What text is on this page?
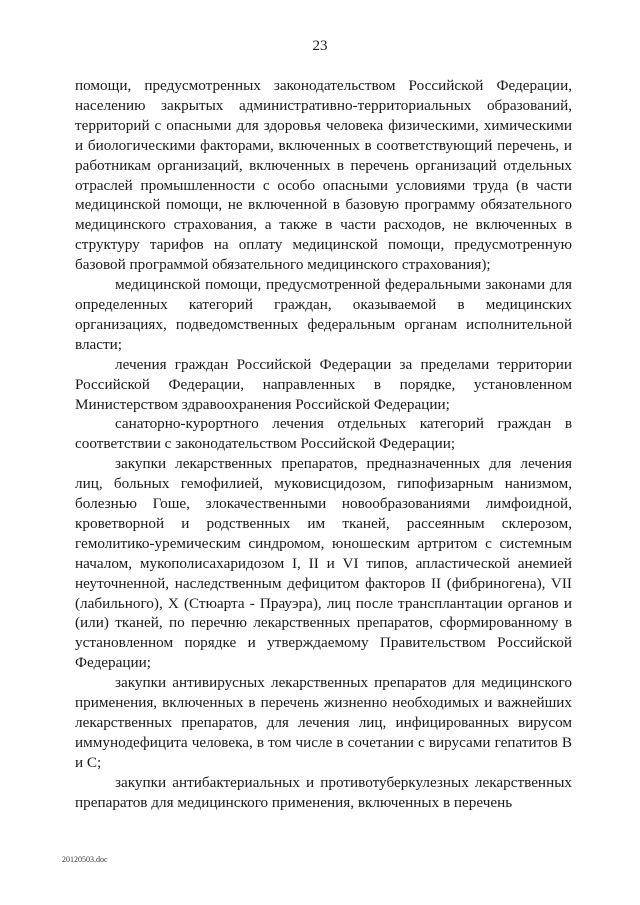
23

помощи, предусмотренных законодательством Российской Федерации, населению закрытых административно-территориальных образований, территорий с опасными для здоровья человека физическими, химическими и биологическими факторами, включенных в соответствующий перечень, и работникам организаций, включенных в перечень организаций отдельных отраслей промышленности с особо опасными условиями труда (в части медицинской помощи, не включенной в базовую программу обязательного медицинского страхования, а также в части расходов, не включенных в структуру тарифов на оплату медицинской помощи, предусмотренную базовой программой обязательного медицинского страхования);

медицинской помощи, предусмотренной федеральными законами для определенных категорий граждан, оказываемой в медицинских организациях, подведомственных федеральным органам исполнительной власти;

лечения граждан Российской Федерации за пределами территории Российской Федерации, направленных в порядке, установленном Министерством здравоохранения Российской Федерации;

санаторно-курортного лечения отдельных категорий граждан в соответствии с законодательством Российской Федерации;

закупки лекарственных препаратов, предназначенных для лечения лиц, больных гемофилией, муковисцидозом, гипофизарным нанизмом, болезнью Гоше, злокачественными новообразованиями лимфоидной, кроветворной и родственных им тканей, рассеянным склерозом, гемолитико-уремическим синдромом, юношеским артритом с системным началом, мукополисахаридозом I, II и VI типов, апластической анемией неуточненной, наследственным дефицитом факторов II (фибриногена), VII (лабильного), X (Стюарта - Прауэра), лиц после трансплантации органов и (или) тканей, по перечню лекарственных препаратов, сформированному в установленном порядке и утверждаемому Правительством Российской Федерации;

закупки антивирусных лекарственных препаратов для медицинского применения, включенных в перечень жизненно необходимых и важнейших лекарственных препаратов, для лечения лиц, инфицированных вирусом иммунодефицита человека, в том числе в сочетании с вирусами гепатитов B и C;

закупки антибактериальных и противотуберкулезных лекарственных препаратов для медицинского применения, включенных в перечень

20120503.doc
